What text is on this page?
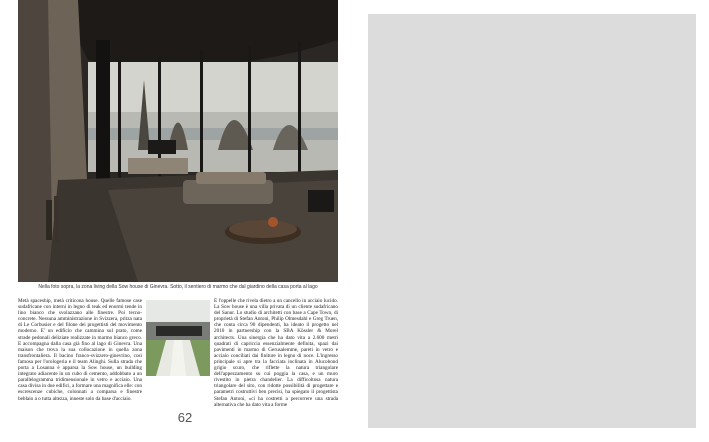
Nella foto sopra, la zona living della Sow house di Ginevra. Sotto, il sentiero di marmo che dal giardino della casa porta al lago
Metà spaceship, metà criticona house. Quelle famose case sudafricane con interni in legno di teak ed enormi tende in lino bianco che svolazzano alle finestre. Poi tecno-concrete. Nessuna amministrazione in Svizzera, pritza nata di Le Corbusier e del filone dei progettisti del movimento moderno. E' un edificio che cammina sul prato, come strade pedonali deliziate realizzate in marmo bianco greco. E accompagna dalla casa già fino al lago di Ginevra. Una maison che trova la sua collocazione in quella zona transfrontaliera. Il bacino franco-svizzero-ginevrino, così famosa per l'orologeria e il team Alinghi. Sulla strada che porta a Losanna è apparsa la Sow house, un building integrato adiacente in un cubo di cemento, addobbato a un parallelogramma tridimensionale in vetro e acciaio. Una casa divisa in due edifici, a formare una magnifica elle: con escrescenze cubiche, colonnati a comparsa e finestre beblaio a o tutta altezza, inneste solo da base d'acciaio.
È l'oppelle che rivela dietro a un cancello in acciaio lucido. La Sow house è una villa privata di un cliente sudafricano del Sanur. Lo studio di architetti con base a Cape Town, di proprietà di Stefan Antoni, Philip Olmesdahl e Greg Truen, che conta circa 90 dipendenti, ha ideato il progetto nel 2010 in partnership con la SBA Kössler & Morel architects. Una sinergia che ha dato vita a 2.600 metri quadrati di capriccia essenzialmente definita, spazi dai pavimenti in marmo di Gerusalemme, pareti in vetro e acciaio conciliati dai finiture in legno di noce. L'ingresso principale si apre tra la facciata inclinata in Alucobond grigio scuro, che riflette la natura triangolare dell'appezzamento su cui poggia la casa, e un muro rivestito in pietra chandelier. La difficoltosa natura triangolare del sito, con ridotte possibilità di progettare e parametri costruttivi ben precisi, ha spiegato il progettista Stefan Antoni, «ci ha costretti a percorrere una strada alternativa che ha dato vita a forme
62
